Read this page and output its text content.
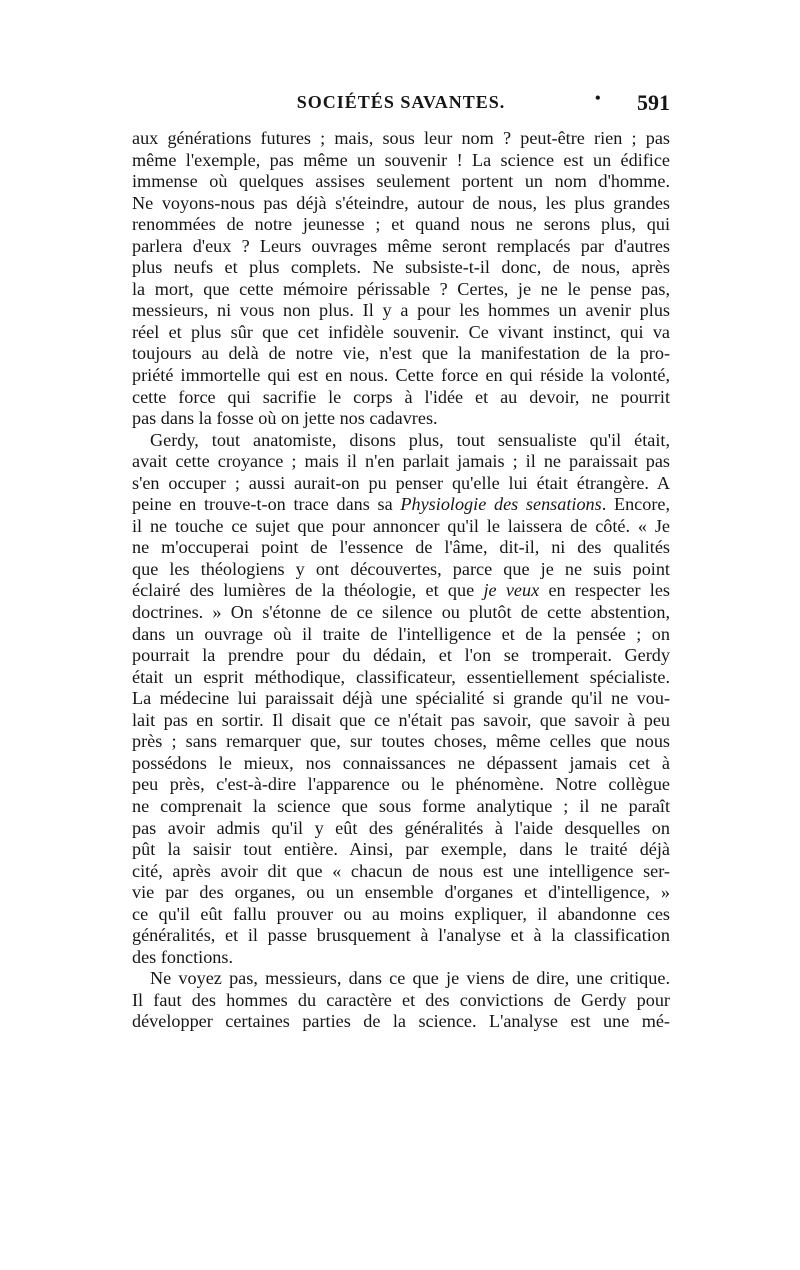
SOCIÉTÉS SAVANTES.	• 591
aux générations futures ; mais, sous leur nom ? peut-être rien ; pas
même l'exemple, pas même un souvenir ! La science est un édifice
immense où quelques assises seulement portent un nom d'homme.
Ne voyons-nous pas déjà s'éteindre, autour de nous, les plus grandes
renommées de notre jeunesse ; et quand nous ne serons plus, qui
parlera d'eux ? Leurs ouvrages même seront remplacés par d'autres
plus neufs et plus complets. Ne subsiste-t-il donc, de nous, après
la mort, que cette mémoire périssable ? Certes, je ne le pense pas,
messieurs, ni vous non plus. Il y a pour les hommes un avenir plus
réel et plus sûr que cet infidèle souvenir. Ce vivant instinct, qui va
toujours au delà de notre vie, n'est que la manifestation de la pro-
priété immortelle qui est en nous. Cette force en qui réside la volonté,
cette force qui sacrifie le corps à l'idée et au devoir, ne pourrit
pas dans la fosse où on jette nos cadavres.
Gerdy, tout anatomiste, disons plus, tout sensualiste qu'il était,
avait cette croyance ; mais il n'en parlait jamais ; il ne paraissait pas
s'en occuper ; aussi aurait-on pu penser qu'elle lui était étrangère. A
peine en trouve-t-on trace dans sa Physiologie des sensations. Encore,
il ne touche ce sujet que pour annoncer qu'il le laissera de côté. « Je
ne m'occuperai point de l'essence de l'âme, dit-il, ni des qualités
que les théologiens y ont découvertes, parce que je ne suis point
éclairé des lumières de la théologie, et que je veux en respecter les
doctrines. » On s'étonne de ce silence ou plutôt de cette abstention,
dans un ouvrage où il traite de l'intelligence et de la pensée ; on
pourrait la prendre pour du dédain, et l'on se tromperait. Gerdy
était un esprit méthodique, classificateur, essentiellement spécialiste.
La médecine lui paraissait déjà une spécialité si grande qu'il ne vou-
lait pas en sortir. Il disait que ce n'était pas savoir, que savoir à peu
près ; sans remarquer que, sur toutes choses, même celles que nous
possédons le mieux, nos connaissances ne dépassent jamais cet à
peu près, c'est-à-dire l'apparence ou le phénomène. Notre collègue
ne comprenait la science que sous forme analytique ; il ne paraît
pas avoir admis qu'il y eût des généralités à l'aide desquelles on
pût la saisir tout entière. Ainsi, par exemple, dans le traité déjà
cité, après avoir dit que « chacun de nous est une intelligence ser-
vie par des organes, ou un ensemble d'organes et d'intelligence, »
ce qu'il eût fallu prouver ou au moins expliquer, il abandonne ces
généralités, et il passe brusquement à l'analyse et à la classification
des fonctions.
Ne voyez pas, messieurs, dans ce que je viens de dire, une critique.
Il faut des hommes du caractère et des convictions de Gerdy pour
développer certaines parties de la science. L'analyse est une mé-
